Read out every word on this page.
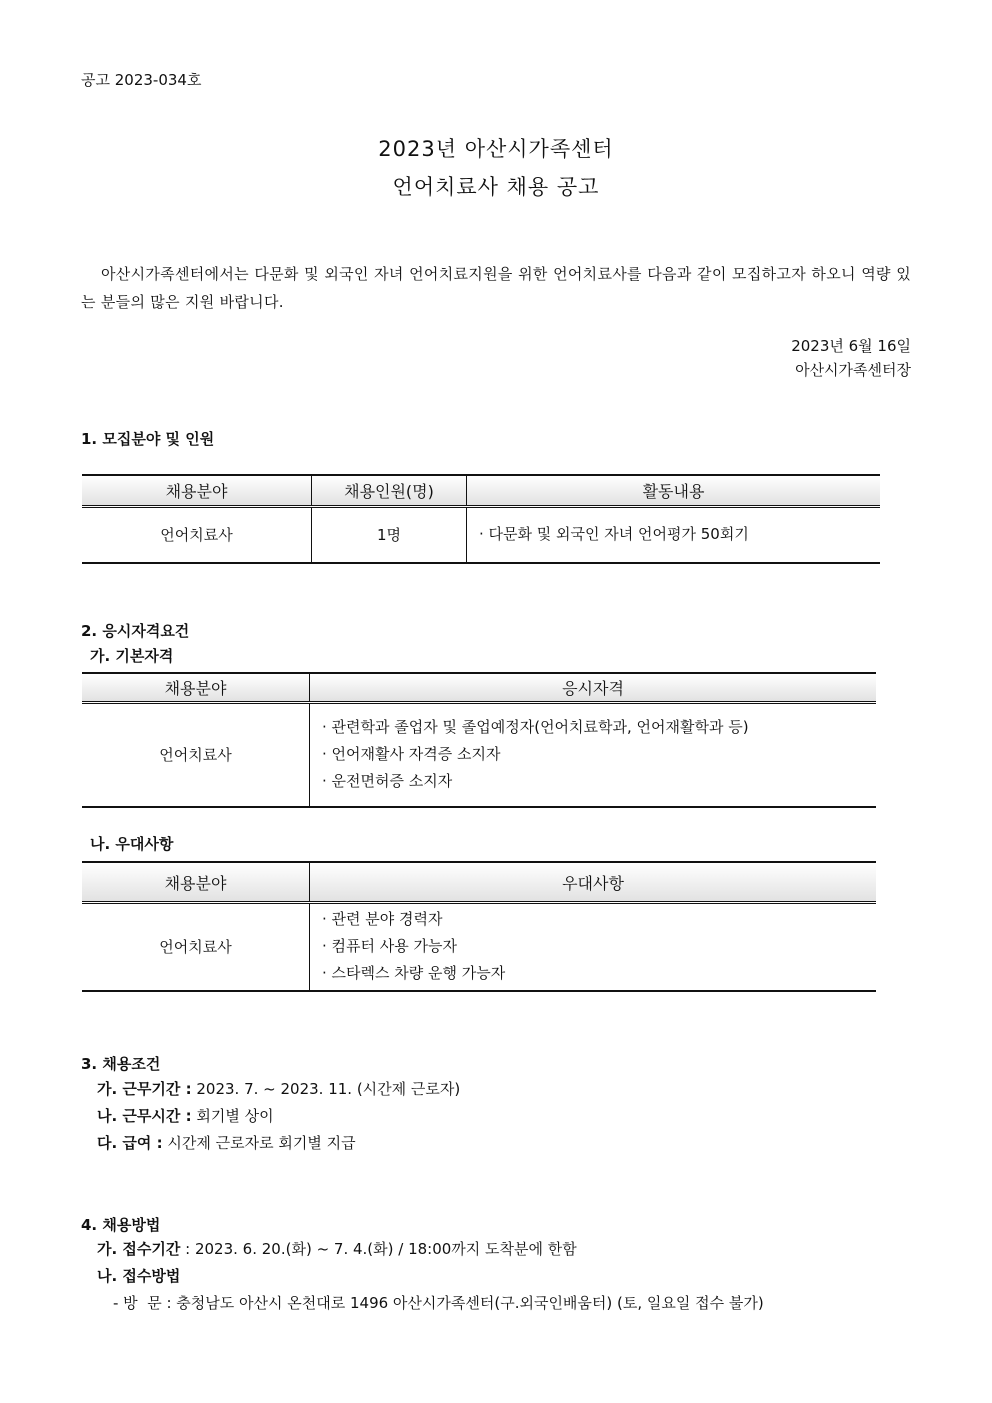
공고 2023-034호
2023년 아산시가족센터
언어치료사 채용 공고
아산시가족센터에서는 다문화 및 외국인 자녀 언어치료지원을 위한 언어치료사를 다음과 같이 모집하고자 하오니 역량 있는 분들의 많은 지원 바랍니다.
2023년 6월 16일
아산시가족센터장
1. 모집분야 및 인원
채용분야	채용인원(명)	활동내용
언어치료사	1명	· 다문화 및 외국인 자녀 언어평가 50회기
2. 응시자격요건
가. 기본자격
채용분야	응시자격
언어치료사	· 관련학과 졸업자 및 졸업예정자(언어치료학과, 언어재활학과 등)
· 언어재활사 자격증 소지자
· 운전면허증 소지자
나. 우대사항
채용분야	우대사항
언어치료사	· 관련 분야 경력자
· 컴퓨터 사용 가능자
· 스타렉스 차량 운행 가능자
3. 채용조건
가. 근무기간 : 2023. 7. ~ 2023. 11. (시간제 근로자)
나. 근무시간 : 회기별 상이
다. 급여 : 시간제 근로자로 회기별 지급
4. 채용방법
가. 접수기간 : 2023. 6. 20.(화) ~ 7. 4.(화) / 18:00까지 도착분에 한함
나. 접수방법
- 방  문 : 충청남도 아산시 온천대로 1496 아산시가족센터(구.외국인배움터) (토, 일요일 접수 불가)
